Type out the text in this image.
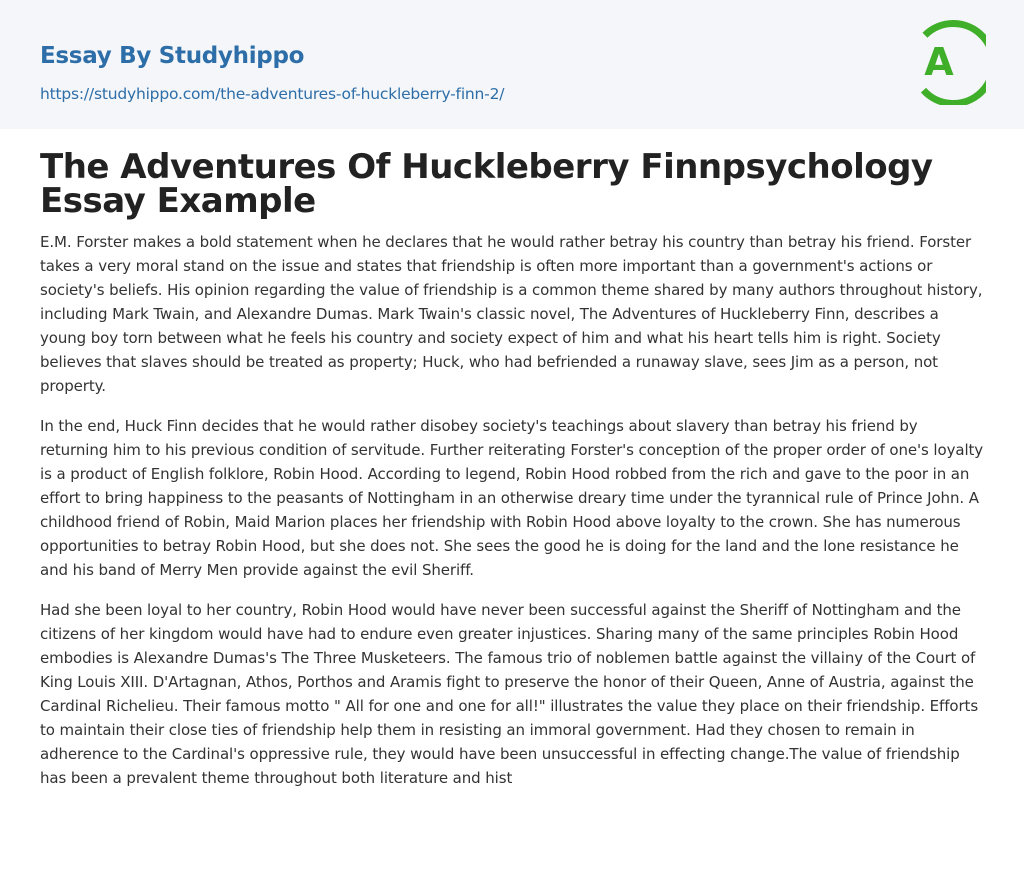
Essay By Studyhippo
https://studyhippo.com/the-adventures-of-huckleberry-finn-2/
A
The Adventures Of Huckleberry Finnpsychology Essay Example

E.M. Forster makes a bold statement when he declares that he would rather betray his country than betray his friend. Forster takes a very moral stand on the issue and states that friendship is often more important than a government's actions or society's beliefs. His opinion regarding the value of friendship is a common theme shared by many authors throughout history, including Mark Twain, and Alexandre Dumas. Mark Twain's classic novel, The Adventures of Huckleberry Finn, describes a young boy torn between what he feels his country and society expect of him and what his heart tells him is right. Society believes that slaves should be treated as property; Huck, who had befriended a runaway slave, sees Jim as a person, not property.

In the end, Huck Finn decides that he would rather disobey society's teachings about slavery than betray his friend by returning him to his previous condition of servitude. Further reiterating Forster's conception of the proper order of one's loyalty is a product of English folklore, Robin Hood. According to legend, Robin Hood robbed from the rich and gave to the poor in an effort to bring happiness to the peasants of Nottingham in an otherwise dreary time under the tyrannical rule of Prince John. A childhood friend of Robin, Maid Marion places her friendship with Robin Hood above loyalty to the crown. She has numerous opportunities to betray Robin Hood, but she does not. She sees the good he is doing for the land and the lone resistance he and his band of Merry Men provide against the evil Sheriff.

Had she been loyal to her country, Robin Hood would have never been successful against the Sheriff of Nottingham and the citizens of her kingdom would have had to endure even greater injustices. Sharing many of the same principles Robin Hood embodies is Alexandre Dumas's The Three Musketeers. The famous trio of noblemen battle against the villainy of the Court of King Louis XIII. D'Artagnan, Athos, Porthos and Aramis fight to preserve the honor of their Queen, Anne of Austria, against the Cardinal Richelieu. Their famous motto " All for one and one for all!" illustrates the value they place on their friendship. Efforts to maintain their close ties of friendship help them in resisting an immoral government. Had they chosen to remain in adherence to the Cardinal's oppressive rule, they would have been unsuccessful in effecting change.The value of friendship has been a prevalent theme throughout both literature and hist
